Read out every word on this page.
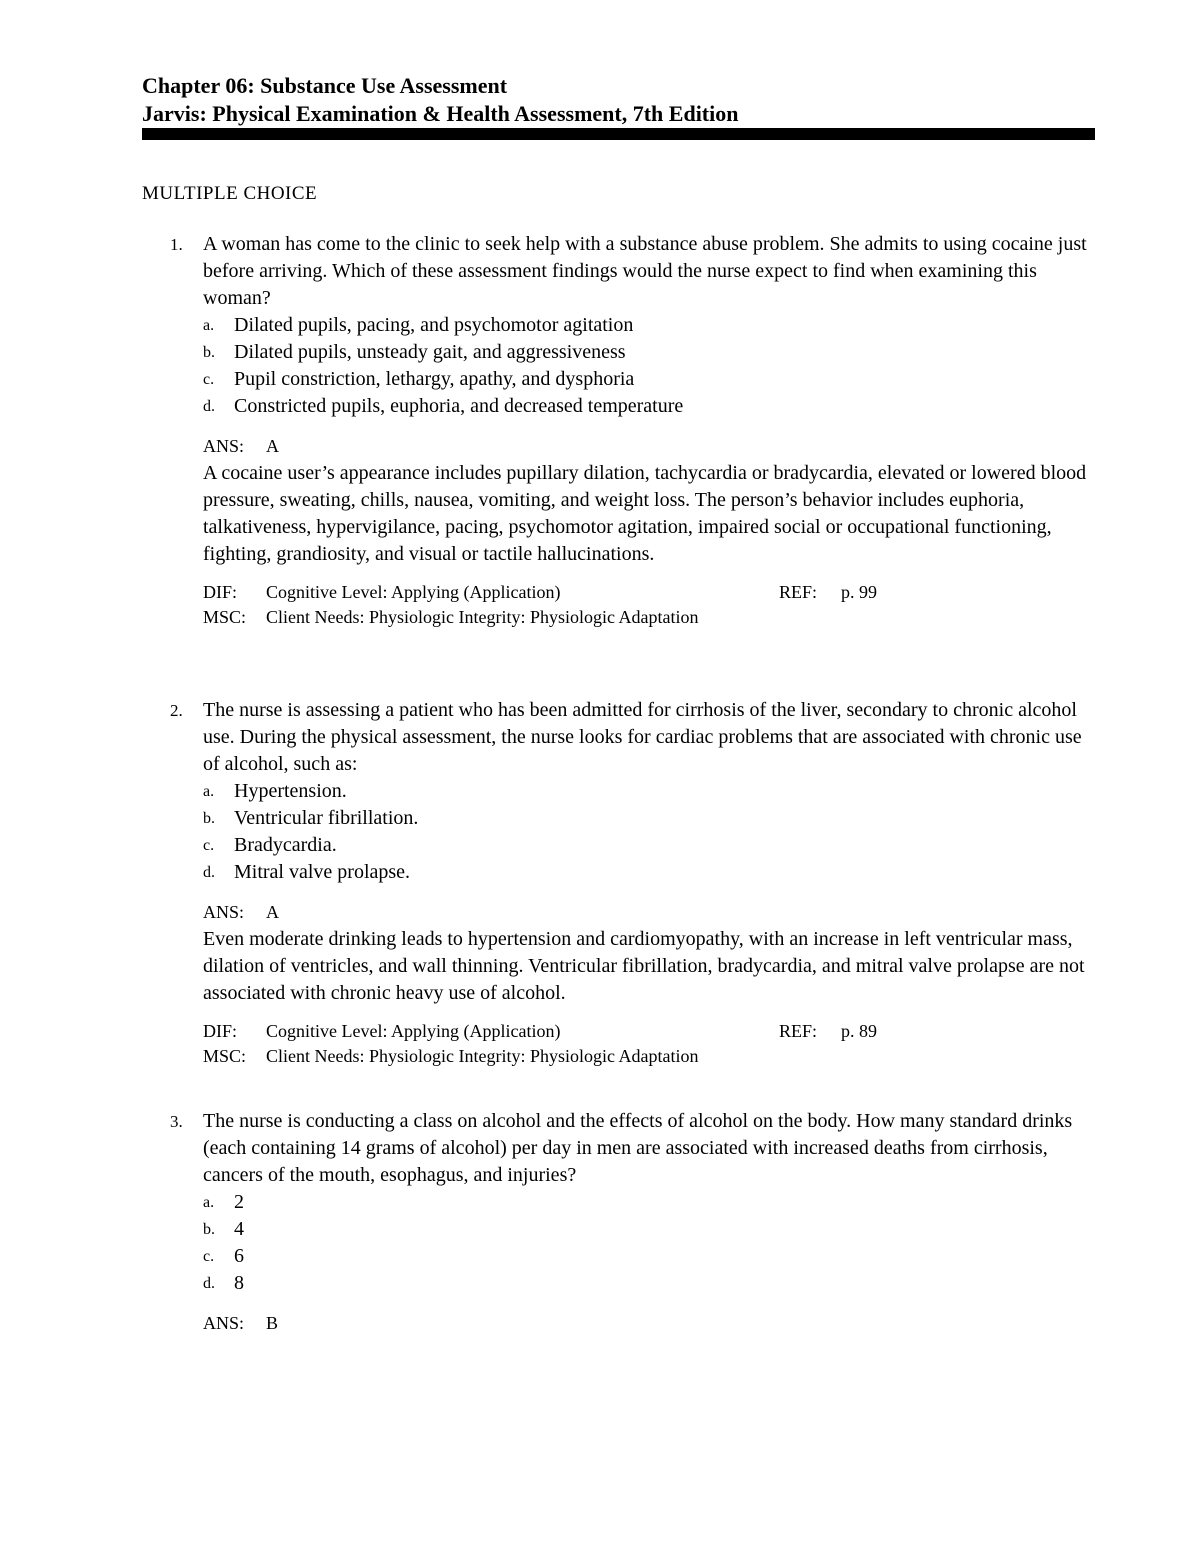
Chapter 06: Substance Use Assessment
Jarvis: Physical Examination & Health Assessment, 7th Edition
MULTIPLE CHOICE
1. A woman has come to the clinic to seek help with a substance abuse problem. She admits to using cocaine just before arriving. Which of these assessment findings would the nurse expect to find when examining this woman?
a. Dilated pupils, pacing, and psychomotor agitation
b. Dilated pupils, unsteady gait, and aggressiveness
c. Pupil constriction, lethargy, apathy, and dysphoria
d. Constricted pupils, euphoria, and decreased temperature
ANS: A
A cocaine user’s appearance includes pupillary dilation, tachycardia or bradycardia, elevated or lowered blood pressure, sweating, chills, nausea, vomiting, and weight loss. The person’s behavior includes euphoria, talkativeness, hypervigilance, pacing, psychomotor agitation, impaired social or occupational functioning, fighting, grandiosity, and visual or tactile hallucinations.
DIF: Cognitive Level: Applying (Application)	REF: p. 99
MSC: Client Needs: Physiologic Integrity: Physiologic Adaptation
2. The nurse is assessing a patient who has been admitted for cirrhosis of the liver, secondary to chronic alcohol use. During the physical assessment, the nurse looks for cardiac problems that are associated with chronic use of alcohol, such as:
a. Hypertension.
b. Ventricular fibrillation.
c. Bradycardia.
d. Mitral valve prolapse.
ANS: A
Even moderate drinking leads to hypertension and cardiomyopathy, with an increase in left ventricular mass, dilation of ventricles, and wall thinning. Ventricular fibrillation, bradycardia, and mitral valve prolapse are not associated with chronic heavy use of alcohol.
DIF: Cognitive Level: Applying (Application)	REF: p. 89
MSC: Client Needs: Physiologic Integrity: Physiologic Adaptation
3. The nurse is conducting a class on alcohol and the effects of alcohol on the body. How many standard drinks (each containing 14 grams of alcohol) per day in men are associated with increased deaths from cirrhosis, cancers of the mouth, esophagus, and injuries?
a. 2
b. 4
c. 6
d. 8
ANS: B
